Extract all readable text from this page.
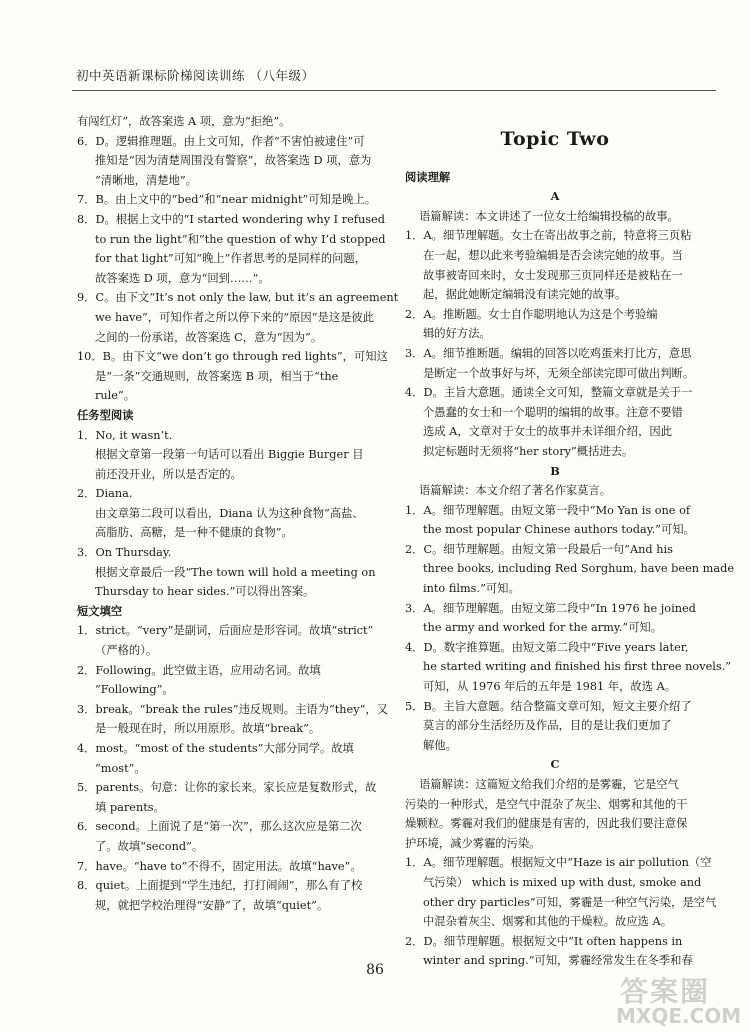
初中英语新课标阶梯阅读训练 （八年级）
有闯红灯”，故答案选 A 项，意为“拒绝”。
6．D。逻辑推理题。由上文可知，作者“不害怕被逮住”可
推知是“因为清楚周围没有警察”，故答案选 D 项，意为
“清晰地，清楚地”。
7．B。由上文中的“bed”和“near midnight”可知是晚上。
8．D。根据上文中的“I started wondering why I refused
to run the light”和“the question of why I’d stopped
for that light”可知“晚上”作者思考的是同样的问题，
故答案选 D 项，意为“回到……”。
9．C。由下文“It’s not only the law, but it’s an agreement
we have”，可知作者之所以停下来的“原因”是这是彼此
之间的一份承诺，故答案选 C，意为“因为”。
10．B。由下文“we don’t go through red lights”，可知这
是“一条”交通规则，故答案选 B 项，相当于“the
rule”。

任务型阅读

1．No, it wasn’t.
根据文章第一段第一句话可以看出 Biggie Burger 目
前还没开业，所以是否定的。
2．Diana.
由文章第二段可以看出，Diana 认为这种食物“高盐、
高脂肪、高糖，是一种不健康的食物”。
3．On Thursday.
根据文章最后一段“The town will hold a meeting on
Thursday to hear sides.”可以得出答案。

短文填空

1．strict。“very”是副词，后面应是形容词。故填“strict”
（严格的）。
2．Following。此空做主语，应用动名词。故填
“Following”。
3．break。“break the rules”违反规则。主语为“they”，又
是一般现在时，所以用原形。故填“break”。
4．most。“most of the students”大部分同学。故填
“most”。
5．parents。句意：让你的家长来。家长应是复数形式，故
填 parents。
6．second。上面说了是“第一次”，那么这次应是第二次
了。故填“second”。
7．have。“have to”不得不，固定用法。故填“have”。
8．quiet。上面提到“学生违纪，打打闹闹”，那么有了校
规，就把学校治理得“安静”了，故填“quiet”。
Topic Two

阅读理解

A

语篇解读：本文讲述了一位女士给编辑投稿的故事。
1．A。细节理解题。女士在寄出故事之前，特意将三页粘
在一起，想以此来考验编辑是否会读完她的故事。当
故事被寄回来时，女士发现那三页同样还是被粘在一
起，据此她断定编辑没有读完她的故事。
2．A。推断题。女士自作聪明地认为这是个考验编
辑的好方法。
3．A。细节推断题。编辑的回答以吃鸡蛋来打比方，意思
是断定一个故事好与坏，无须全部读完即可做出判断。
4．D。主旨大意题。通读全文可知，整篇文章就是关于一
个愚蠢的女士和一个聪明的编辑的故事。注意不要错
选成 A，文章对于女士的故事并未详细介绍，因此
拟定标题时无须将“her story”概括进去。

B

语篇解读：本文介绍了著名作家莫言。
1．A。细节理解题。由短文第一段中“Mo Yan is one of
the most popular Chinese authors today.”可知。
2．C。细节理解题。由短文第一段最后一句“And his
three books, including Red Sorghum, have been made
into films.”可知。
3．A。细节理解题。由短文第二段中“In 1976 he joined
the army and worked for the army.”可知。
4．D。数字推算题。由短文第二段中“Five years later,
he started writing and finished his first three novels.”
可知，从 1976 年后的五年是 1981 年，故选 A。
5．B。主旨大意题。结合整篇文章可知，短文主要介绍了
莫言的部分生活经历及作品，目的是让我们更加了
解他。

C

语篇解读：这篇短文给我们介绍的是雾霾，它是空气
污染的一种形式，是空气中混杂了灰尘、烟雾和其他的干
燥颗粒。雾霾对我们的健康是有害的，因此我们要注意保
护环境，减少雾霾的污染。
1．A。细节理解题。根据短文中“Haze is air pollution（空
气污染） which is mixed up with dust, smoke and
other dry particles”可知，雾霾是一种空气污染，是空气
中混杂着灰尘、烟雾和其他的干燥粒。故应选 A。
2．D。细节理解题。根据短文中“It often happens in
winter and spring.”可知，雾霾经常发生在冬季和春
86
答案圈
MXQE.COM
